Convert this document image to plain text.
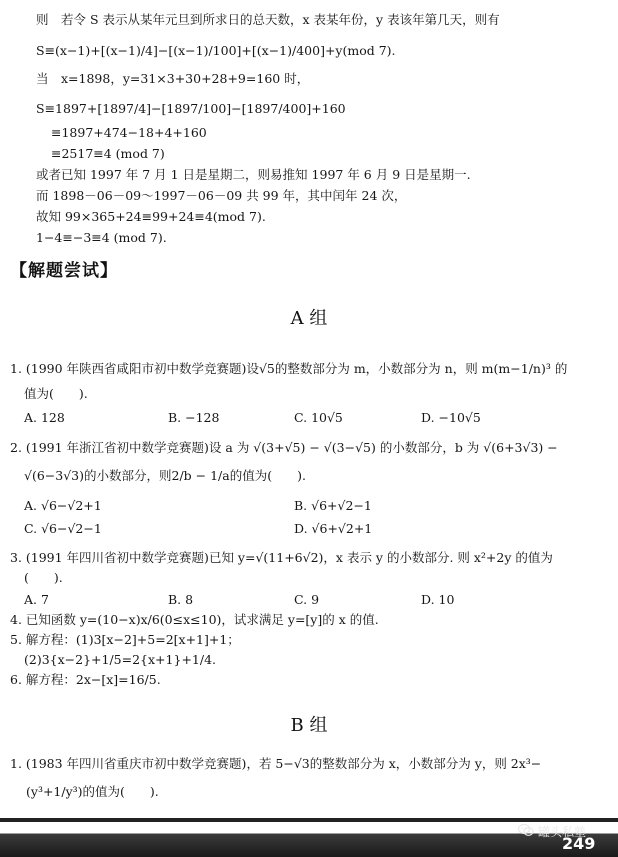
则　若令 S 表示从某年元旦到所求日的总天数，x 表某年份，y 表该年第几天，则有
S≡(x−1)+[(x−1)/4]−[(x−1)/100]+[(x−1)/400]+y(mod 7).
当　x=1898，y=31×3+30+28+9=160 时，
S≡1897+[1897/4]−[1897/100]−[1897/400]+160
≡1897+474−18+4+160
≡2517≡4 (mod 7)
或者已知 1997 年 7 月 1 日是星期二，则易推知 1997 年 6 月 9 日是星期一.
而 1898－06－09～1997－06－09 共 99 年，其中闰年 24 次，
故知 99×365+24≡99+24≡4(mod 7).
1−4≡−3≡4 (mod 7).
【解题尝试】
A 组
1. (1990 年陕西省咸阳市初中数学竞赛题)设√5的整数部分为 m，小数部分为 n，则 m(m−1/n)³ 的
值为(　　).
A. 128	B. −128	C. 10√5	D. −10√5
2. (1991 年浙江省初中数学竞赛题)设 a 为 √(3+√5) − √(3−√5) 的小数部分，b 为 √(6+3√3) −
√(6−3√3)的小数部分，则2/b − 1/a的值为(　　).
A. √6−√2+1	B. √6+√2−1
C. √6−√2−1	D. √6+√2+1
3. (1991 年四川省初中数学竞赛题)已知 y=√(11+6√2)，x 表示 y 的小数部分. 则 x²+2y 的值为
(　　).
A. 7	B. 8	C. 9	D. 10
4. 已知函数 y=(10−x)x/6(0≤x≤10)，试求满足 y=[y]的 x 的值.
5. 解方程：(1)3[x−2]+5=2[x+1]+1；
(2)3{x−2}+1/5=2{x+1}+1/4.
6. 解方程：2x−[x]=16/5.
B 组
1. (1983 年四川省重庆市初中数学竞赛题)，若 5−√3的整数部分为 x，小数部分为 y，则 2x³−
(y³+1/y³)的值为(　　).
罐头私塾
249
